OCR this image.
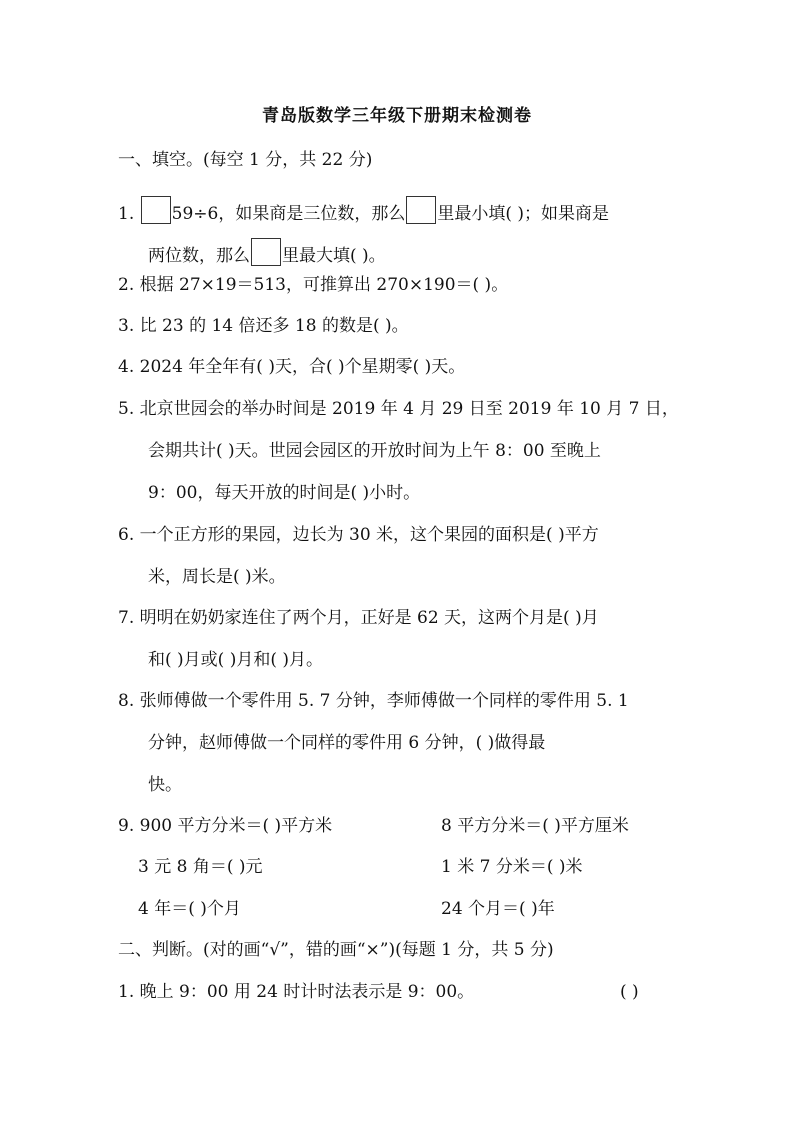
青岛版数学三年级下册期末检测卷
一、填空。(每空 1 分，共 22 分)
1. 59÷6，如果商是三位数，那么 里最小填( )；如果商是
两位数，那么 里最大填( )。
2. 根据 27×19＝513，可推算出 270×190＝( )。
3. 比 23 的 14 倍还多 18 的数是( )。
4. 2024 年全年有( )天，合( )个星期零( )天。
5. 北京世园会的举办时间是 2019 年 4 月 29 日至 2019 年 10 月 7 日，
会期共计( )天。世园会园区的开放时间为上午 8：00 至晚上
9：00，每天开放的时间是( )小时。
6. 一个正方形的果园，边长为 30 米，这个果园的面积是( )平方
米，周长是( )米。
7. 明明在奶奶家连住了两个月，正好是 62 天，这两个月是( )月
和( )月或( )月和( )月。
8. 张师傅做一个零件用 5. 7 分钟，李师傅做一个同样的零件用 5. 1
分钟，赵师傅做一个同样的零件用 6 分钟，( )做得最
快。
9. 900 平方分米＝( )平方米	8 平方分米＝( )平方厘米
3 元 8 角＝( )元	1 米 7 分米＝( )米
4 年＝( )个月	24 个月＝( )年
二、判断。(对的画“√”，错的画“×”)(每题 1 分，共 5 分)
1. 晚上 9：00 用 24 时计时法表示是 9：00。	( )
